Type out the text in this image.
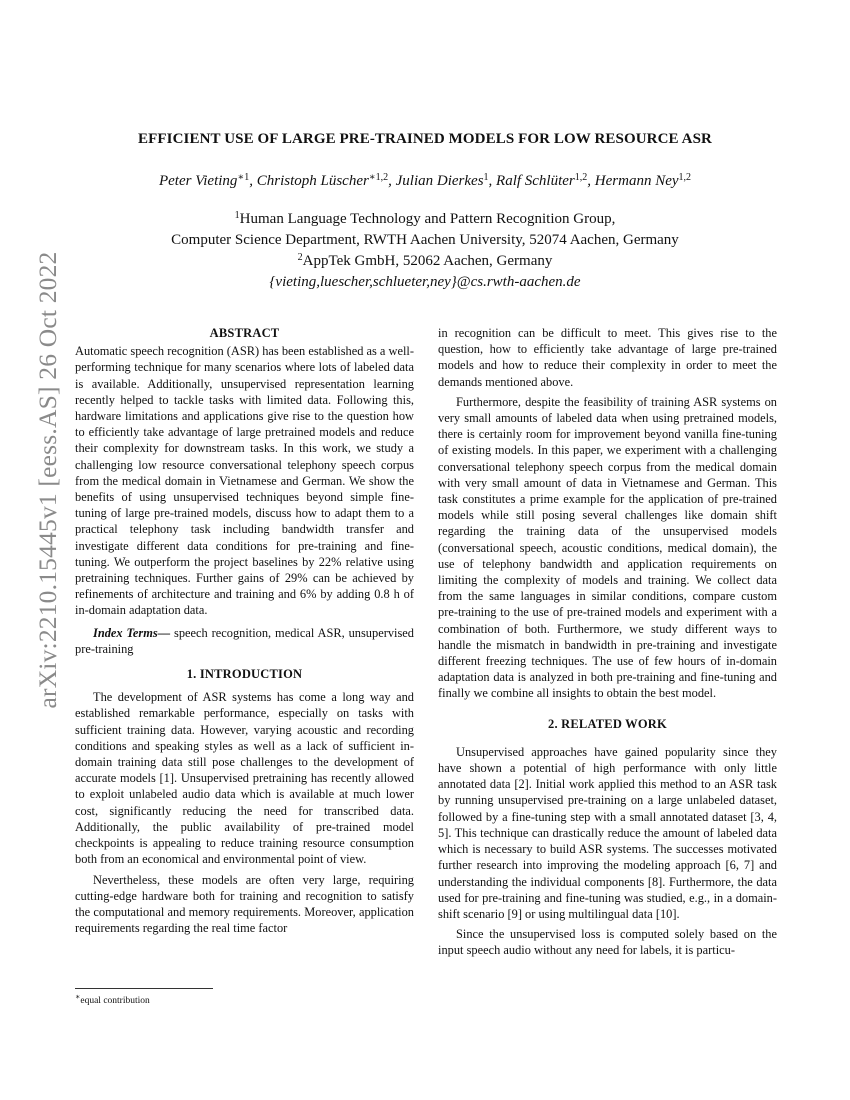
arXiv:2210.15445v1 [eess.AS] 26 Oct 2022
EFFICIENT USE OF LARGE PRE-TRAINED MODELS FOR LOW RESOURCE ASR
Peter Vieting$^{∗1}$, Christoph Lüscher$^{∗1,2}$, Julian Dierkes$^1$, Ralf Schlüter$^{1,2}$, Hermann Ney$^{1,2}$
$^1$Human Language Technology and Pattern Recognition Group,
Computer Science Department, RWTH Aachen University, 52074 Aachen, Germany
$^2$AppTek GmbH, 52062 Aachen, Germany
{vieting,luescher,schlueter,ney}@cs.rwth-aachen.de
ABSTRACT

Automatic speech recognition (ASR) has been established as a well-performing technique for many scenarios where lots of labeled data is available. Additionally, unsupervised representation learning recently helped to tackle tasks with limited data. Following this, hardware limitations and applications give rise to the question how to efficiently take advantage of large pretrained models and reduce their complexity for downstream tasks. In this work, we study a challenging low resource conversational telephony speech corpus from the medical domain in Vietnamese and German. We show the benefits of using unsupervised techniques beyond simple fine-tuning of large pre-trained models, discuss how to adapt them to a practical telephony task including bandwidth transfer and investigate different data conditions for pre-training and fine-tuning. We outperform the project baselines by 22% relative using pretraining techniques. Further gains of 29% can be achieved by refinements of architecture and training and 6% by adding 0.8 h of in-domain adaptation data.

Index Terms— speech recognition, medical ASR, unsupervised pre-training

1. INTRODUCTION

The development of ASR systems has come a long way and established remarkable performance, especially on tasks with sufficient training data. However, varying acoustic and recording conditions and speaking styles as well as a lack of sufficient in-domain training data still pose challenges to the development of accurate models [1]. Unsupervised pretraining has recently allowed to exploit unlabeled audio data which is available at much lower cost, significantly reducing the need for transcribed data. Additionally, the public availability of pre-trained model checkpoints is appealing to reduce training resource consumption both from an economical and environmental point of view.

Nevertheless, these models are often very large, requiring cutting-edge hardware both for training and recognition to satisfy the computational and memory requirements. Moreover, application requirements regarding the real time factor

in recognition can be difficult to meet. This gives rise to the question, how to efficiently take advantage of large pre-trained models and how to reduce their complexity in order to meet the demands mentioned above.

Furthermore, despite the feasibility of training ASR systems on very small amounts of labeled data when using pretrained models, there is certainly room for improvement beyond vanilla fine-tuning of existing models. In this paper, we experiment with a challenging conversational telephony speech corpus from the medical domain with very small amount of data in Vietnamese and German. This task constitutes a prime example for the application of pre-trained models while still posing several challenges like domain shift regarding the training data of the unsupervised models (conversational speech, acoustic conditions, medical domain), the use of telephony bandwidth and application requirements on limiting the complexity of models and training. We collect data from the same languages in similar conditions, compare custom pre-training to the use of pre-trained models and experiment with a combination of both. Furthermore, we study different ways to handle the mismatch in bandwidth in pre-training and investigate different freezing techniques. The use of few hours of in-domain adaptation data is analyzed in both pre-training and fine-tuning and finally we combine all insights to obtain the best model.

2. RELATED WORK

Unsupervised approaches have gained popularity since they have shown a potential of high performance with only little annotated data [2]. Initial work applied this method to an ASR task by running unsupervised pre-training on a large unlabeled dataset, followed by a fine-tuning step with a small annotated dataset [3, 4, 5]. This technique can drastically reduce the amount of labeled data which is necessary to build ASR systems. The successes motivated further research into improving the modeling approach [6, 7] and understanding the individual components [8]. Furthermore, the data used for pre-training and fine-tuning was studied, e.g., in a domain-shift scenario [9] or using multilingual data [10].

Since the unsupervised loss is computed solely based on the input speech audio without any need for labels, it is particu-

∗equal contribution
